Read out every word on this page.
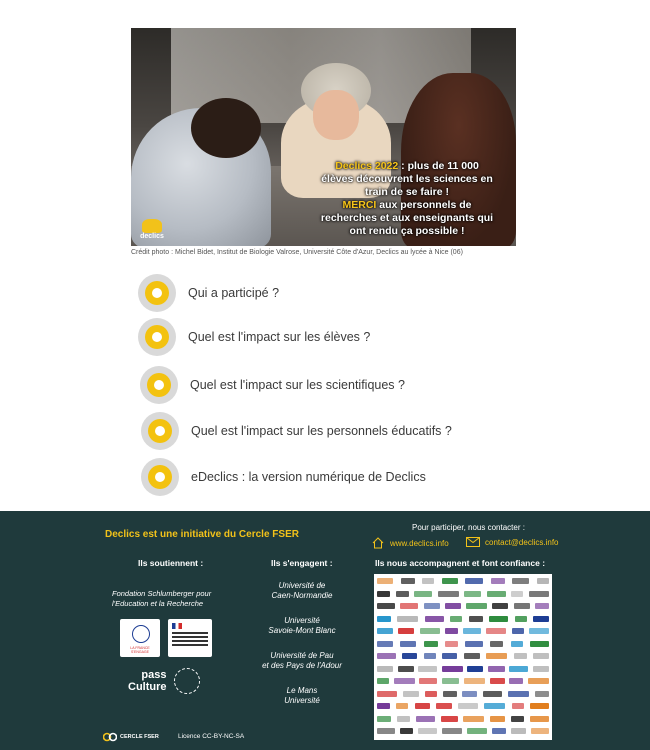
Declics 2022 : plus de 11 000
élèves découvrent les sciences en
train de se faire !
MERCI aux personnels de
recherches et aux enseignants qui
ont rendu ça possible !
declics
Crédit photo : Michel Bidet, Institut de Biologie Valrose, Université Côte d'Azur, Declics au lycée à Nice (06)
Qui a participé ?
Quel est l'impact sur les élèves ?
Quel est l'impact sur les scientifiques ?
Quel est l'impact sur les personnels éducatifs ?
eDeclics : la version numérique de Declics
Declics est une initiative du Cercle FSER
Pour participer, nous contacter :
www.declics.info	contact@declics.info
Ils soutiennent :
Fondation Schlumberger pour l'Education et la Recherche
LA FRANCE S'ENGAGE
pass
Culture
Ils s'engagent :
Université de
Caen-Normandie
Université
Savoie-Mont Blanc
Université de Pau
et des Pays de l'Adour
Le Mans
Université
Ils nous accompagnent et font confiance :
CERCLE FSER	Licence CC-BY-NC-SA
